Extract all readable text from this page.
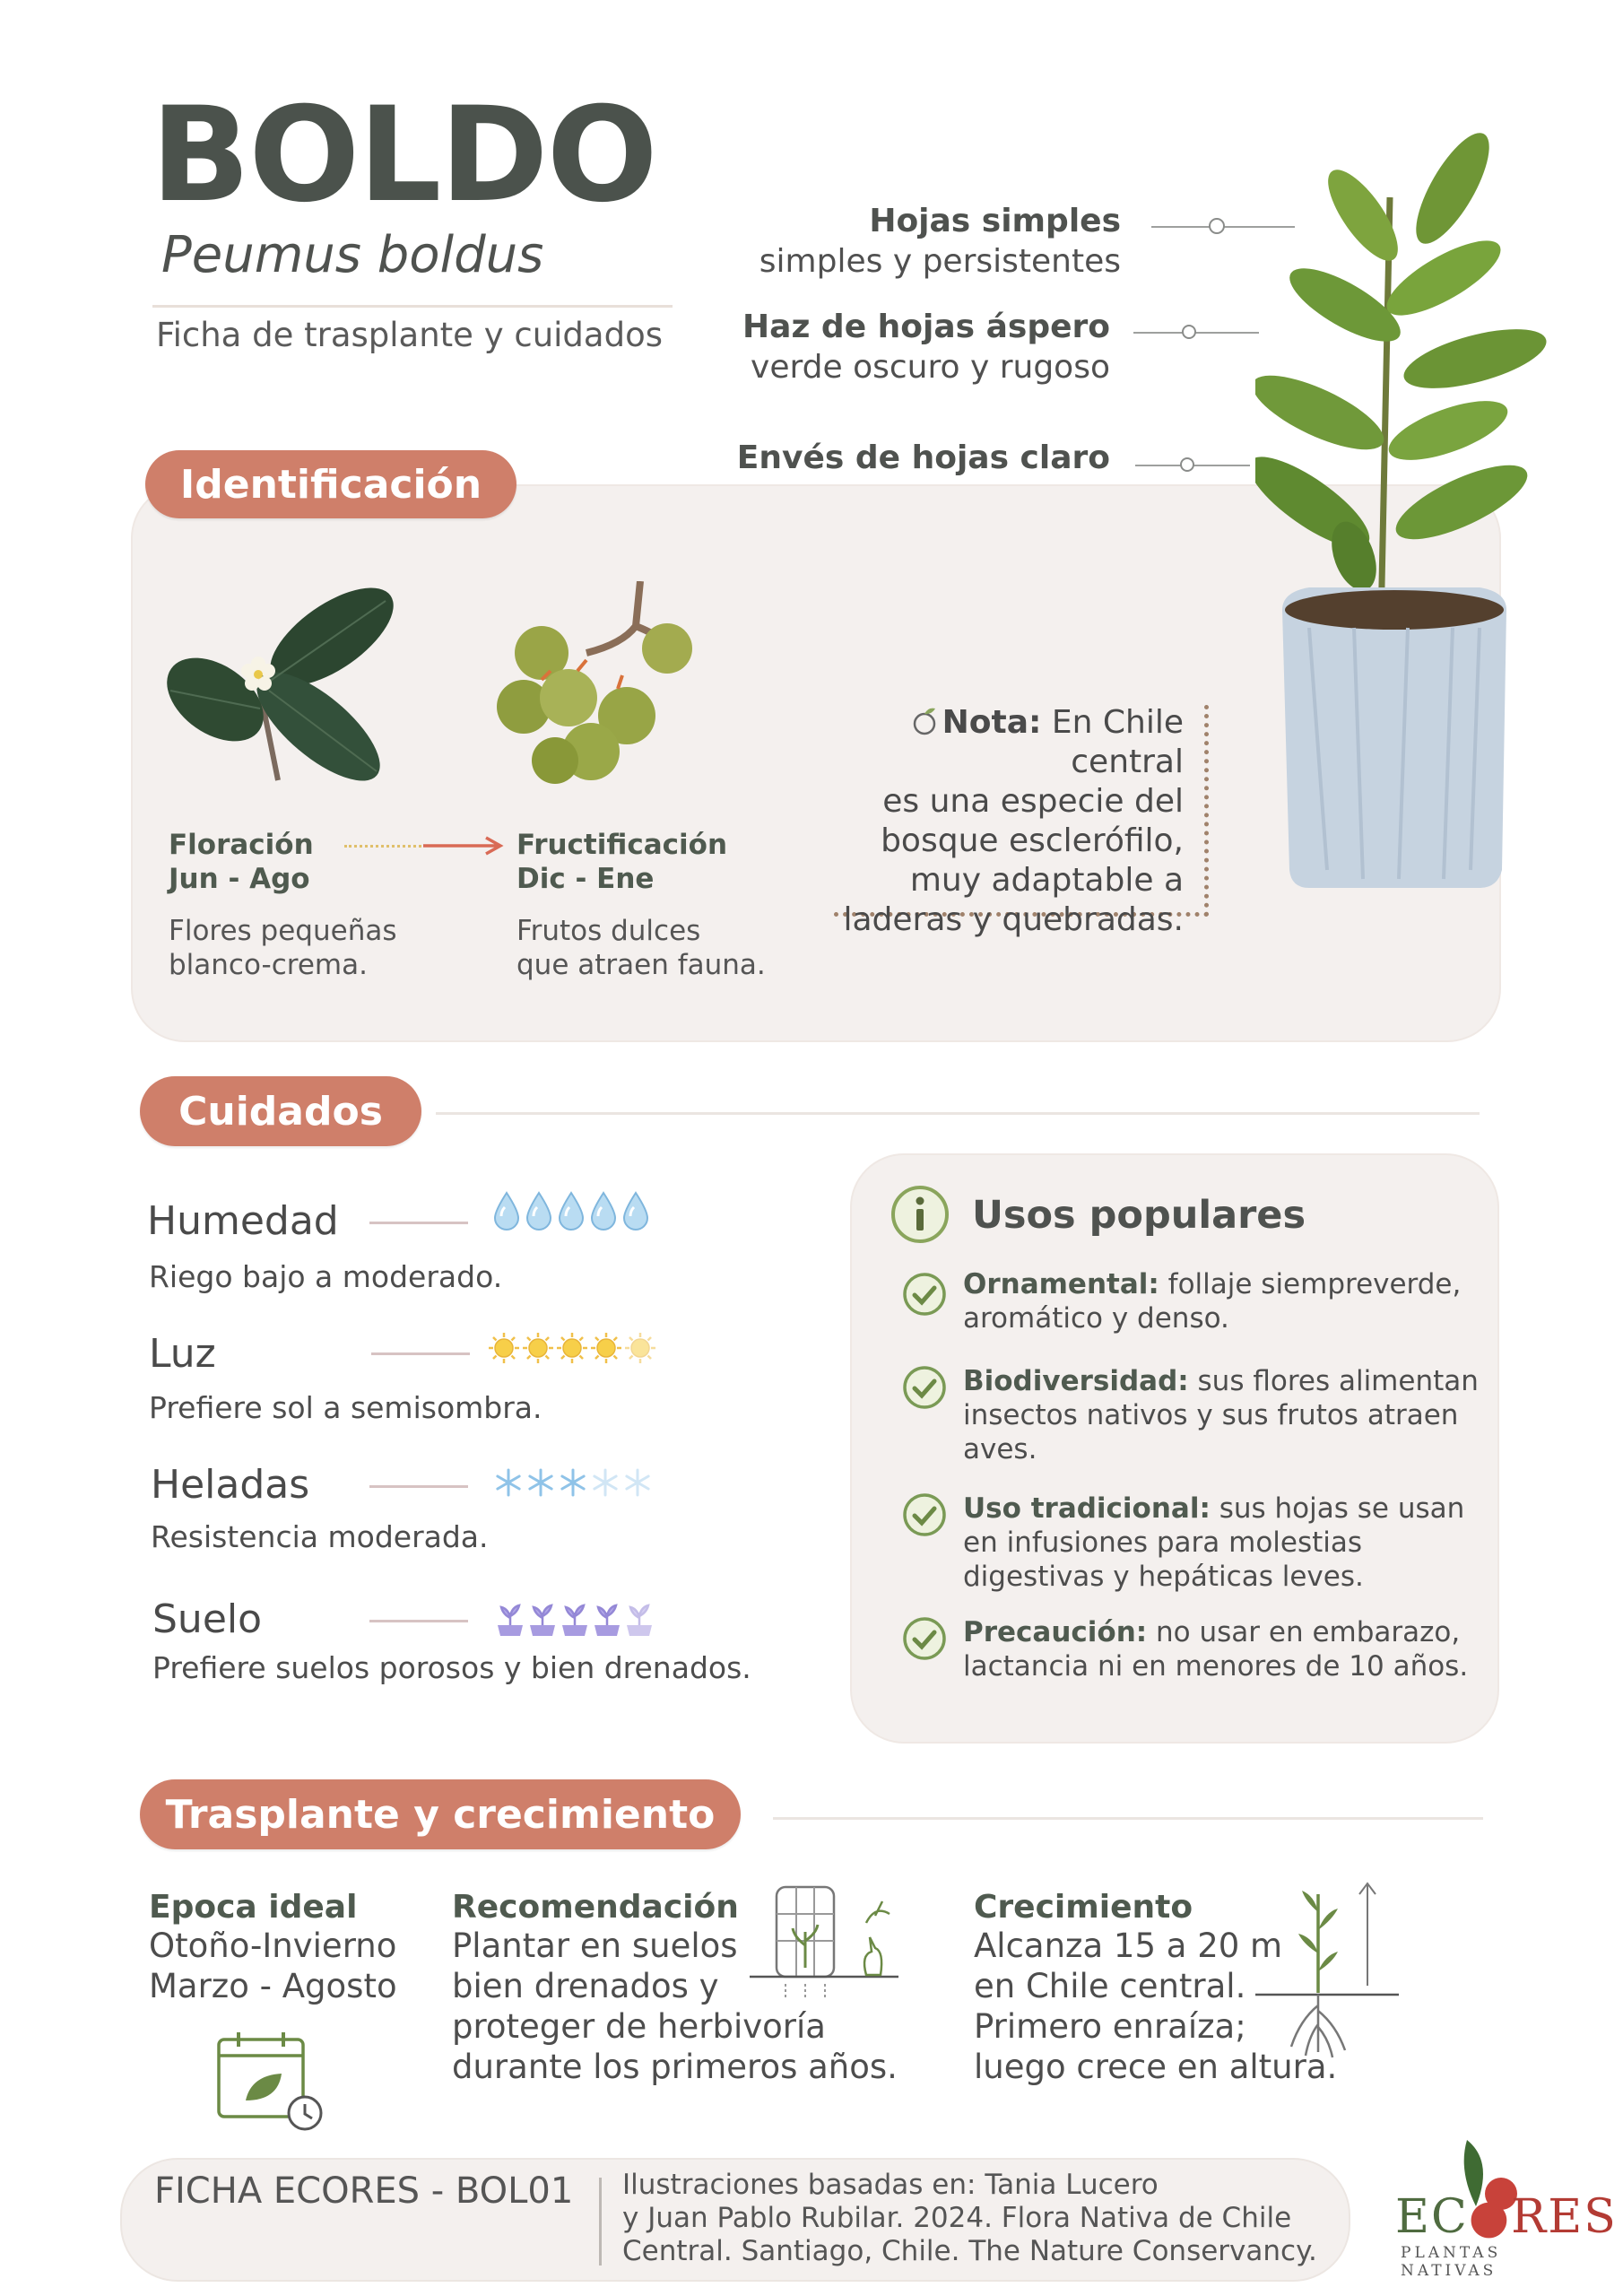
BOLDO
Peumus boldus
Ficha de trasplante y cuidados
Hojas simples
simples y persistentes
Haz de hojas áspero
verde oscuro y rugoso
Envés de hojas claro
Identificación
Floración
Jun - Ago
Fructificación
Dic - Ene
Flores pequeñas
blanco-crema.
Frutos dulces
que atraen fauna.
Nota: En Chile central
es una especie del
bosque esclerófilo,
muy adaptable a
laderas y quebradas.
Cuidados
Humedad
Riego bajo a moderado.
Luz
Prefiere sol a semisombra.
Heladas
Resistencia moderada.
Suelo
Prefiere suelos porosos y bien drenados.
Usos populares
Ornamental: follaje siempreverde, aromático y denso.
Biodiversidad: sus flores alimentan insectos nativos y sus frutos atraen aves.
Uso tradicional: sus hojas se usan en infusiones para molestias digestivas y hepáticas leves.
Precaución: no usar en embarazo, lactancia ni en menores de 10 años.
Trasplante y crecimiento
Epoca ideal
Otoño-Invierno
Marzo - Agosto
Recomendación
Plantar en suelos
bien drenados y
proteger de herbivoría
durante los primeros años.
Crecimiento
Alcanza 15 a 20 m
en Chile central.
Primero enraíza;
luego crece en altura.
FICHA ECORES - BOL01 Ilustraciones basadas en: Tania Lucero
y Juan Pablo Rubilar. 2024. Flora Nativa de Chile
Central. Santiago, Chile. The Nature Conservancy.
EC●RES
PLANTAS NATIVAS
